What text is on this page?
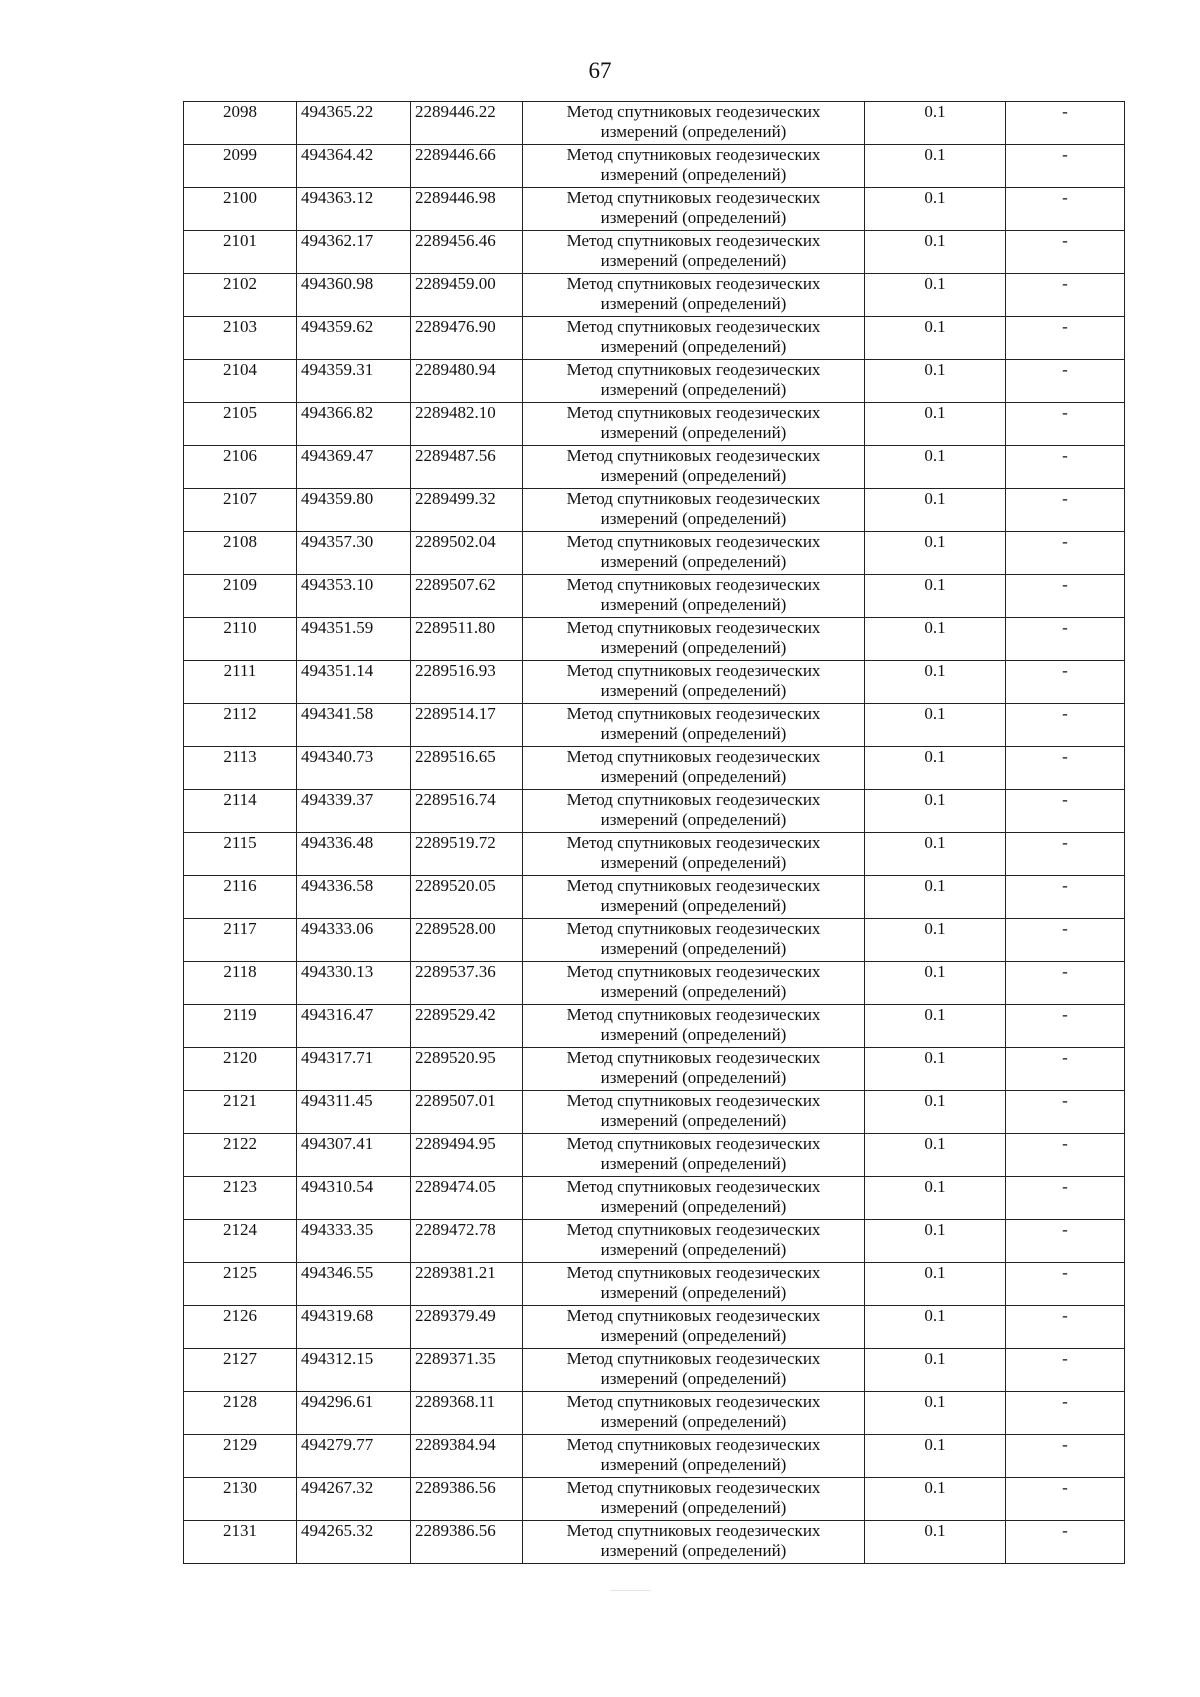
67
2098	494365.22	2289446.22	Метод спутниковых геодезических
измерений (определений)	0.1	-
2099	494364.42	2289446.66	Метод спутниковых геодезических
измерений (определений)	0.1	-
2100	494363.12	2289446.98	Метод спутниковых геодезических
измерений (определений)	0.1	-
2101	494362.17	2289456.46	Метод спутниковых геодезических
измерений (определений)	0.1	-
2102	494360.98	2289459.00	Метод спутниковых геодезических
измерений (определений)	0.1	-
2103	494359.62	2289476.90	Метод спутниковых геодезических
измерений (определений)	0.1	-
2104	494359.31	2289480.94	Метод спутниковых геодезических
измерений (определений)	0.1	-
2105	494366.82	2289482.10	Метод спутниковых геодезических
измерений (определений)	0.1	-
2106	494369.47	2289487.56	Метод спутниковых геодезических
измерений (определений)	0.1	-
2107	494359.80	2289499.32	Метод спутниковых геодезических
измерений (определений)	0.1	-
2108	494357.30	2289502.04	Метод спутниковых геодезических
измерений (определений)	0.1	-
2109	494353.10	2289507.62	Метод спутниковых геодезических
измерений (определений)	0.1	-
2110	494351.59	2289511.80	Метод спутниковых геодезических
измерений (определений)	0.1	-
2111	494351.14	2289516.93	Метод спутниковых геодезических
измерений (определений)	0.1	-
2112	494341.58	2289514.17	Метод спутниковых геодезических
измерений (определений)	0.1	-
2113	494340.73	2289516.65	Метод спутниковых геодезических
измерений (определений)	0.1	-
2114	494339.37	2289516.74	Метод спутниковых геодезических
измерений (определений)	0.1	-
2115	494336.48	2289519.72	Метод спутниковых геодезических
измерений (определений)	0.1	-
2116	494336.58	2289520.05	Метод спутниковых геодезических
измерений (определений)	0.1	-
2117	494333.06	2289528.00	Метод спутниковых геодезических
измерений (определений)	0.1	-
2118	494330.13	2289537.36	Метод спутниковых геодезических
измерений (определений)	0.1	-
2119	494316.47	2289529.42	Метод спутниковых геодезических
измерений (определений)	0.1	-
2120	494317.71	2289520.95	Метод спутниковых геодезических
измерений (определений)	0.1	-
2121	494311.45	2289507.01	Метод спутниковых геодезических
измерений (определений)	0.1	-
2122	494307.41	2289494.95	Метод спутниковых геодезических
измерений (определений)	0.1	-
2123	494310.54	2289474.05	Метод спутниковых геодезических
измерений (определений)	0.1	-
2124	494333.35	2289472.78	Метод спутниковых геодезических
измерений (определений)	0.1	-
2125	494346.55	2289381.21	Метод спутниковых геодезических
измерений (определений)	0.1	-
2126	494319.68	2289379.49	Метод спутниковых геодезических
измерений (определений)	0.1	-
2127	494312.15	2289371.35	Метод спутниковых геодезических
измерений (определений)	0.1	-
2128	494296.61	2289368.11	Метод спутниковых геодезических
измерений (определений)	0.1	-
2129	494279.77	2289384.94	Метод спутниковых геодезических
измерений (определений)	0.1	-
2130	494267.32	2289386.56	Метод спутниковых геодезических
измерений (определений)	0.1	-
2131	494265.32	2289386.56	Метод спутниковых геодезических
измерений (определений)	0.1	-
